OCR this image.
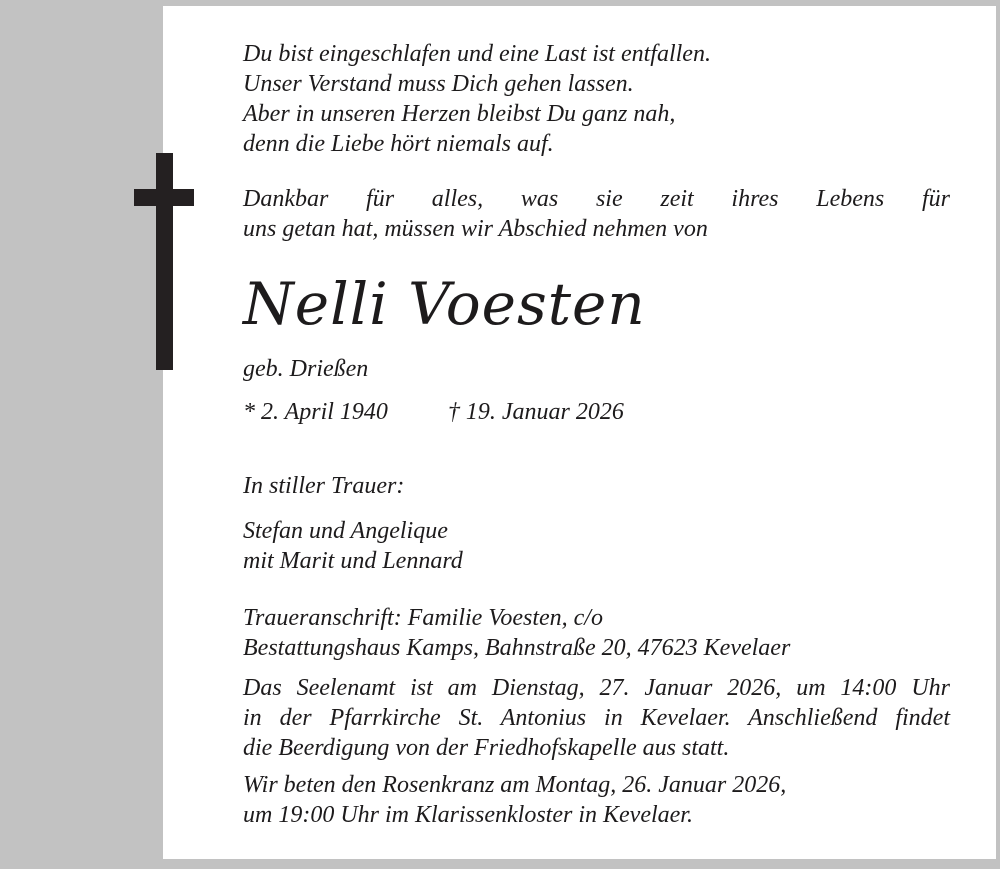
Du bist eingeschlafen und eine Last ist entfallen.
Unser Verstand muss Dich gehen lassen.
Aber in unseren Herzen bleibst Du ganz nah,
denn die Liebe hört niemals auf.
Dankbar für alles, was sie zeit ihres Lebens für
uns getan hat, müssen wir Abschied nehmen von
Nelli Voesten
geb. Drießen
* 2. April 1940	† 19. Januar 2026
In stiller Trauer:
Stefan und Angelique
mit Marit und Lennard
Traueranschrift: Familie Voesten, c/o
Bestattungshaus Kamps, Bahnstraße 20, 47623 Kevelaer
Das Seelenamt ist am Dienstag, 27. Januar 2026, um 14:00 Uhr
in der Pfarrkirche St. Antonius in Kevelaer. Anschließend findet
die Beerdigung von der Friedhofskapelle aus statt.
Wir beten den Rosenkranz am Montag, 26. Januar 2026,
um 19:00 Uhr im Klarissenkloster in Kevelaer.
